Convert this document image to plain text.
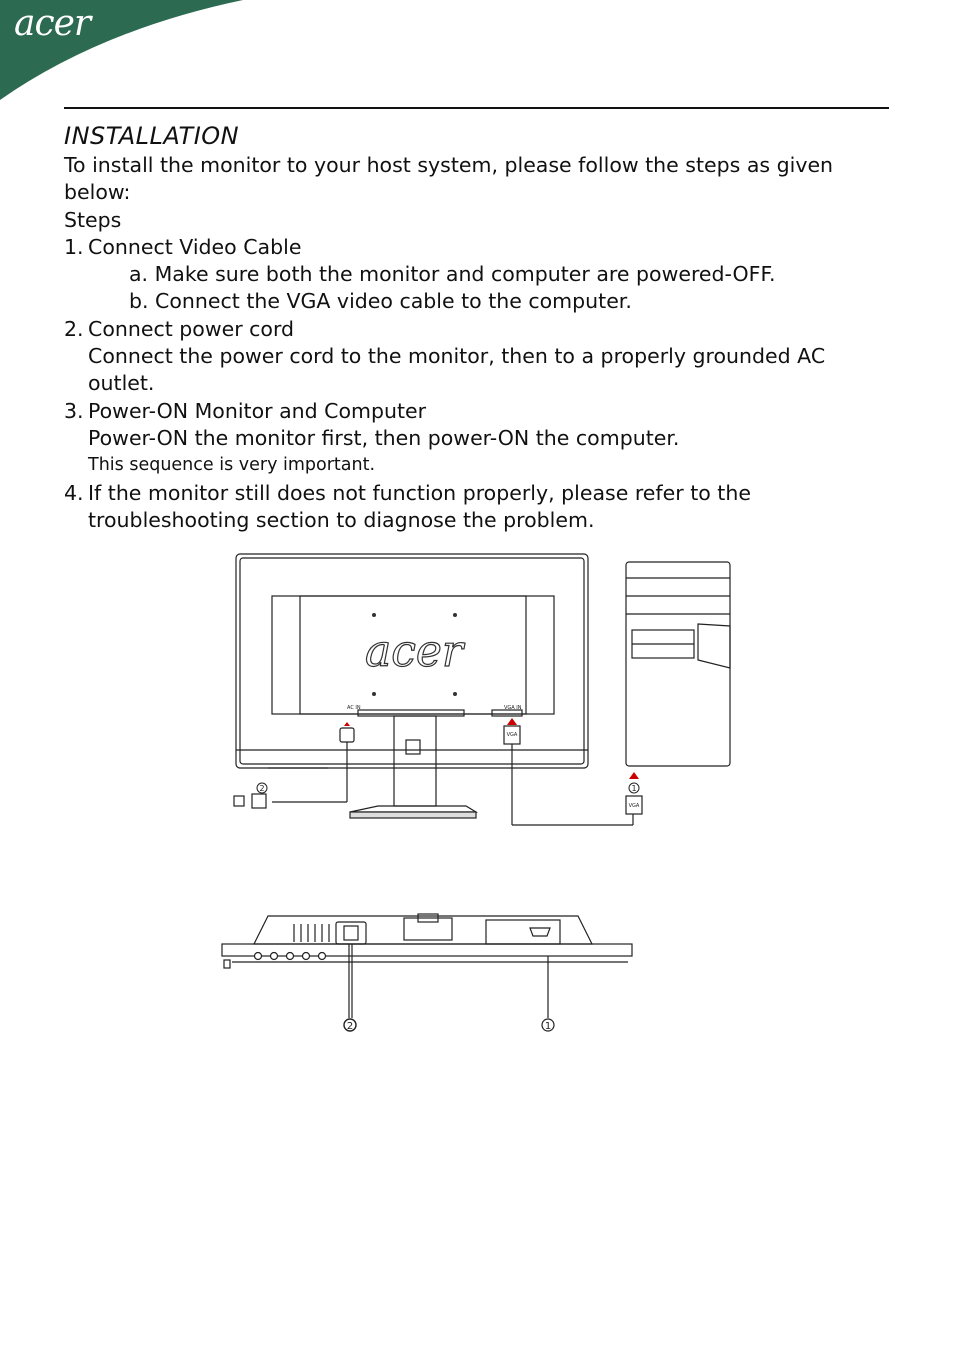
acer
INSTALLATION

To install the monitor to your host system, please follow the steps as given below:

Steps

1. Connect Video Cable

a. Make sure both the monitor and computer are powered-OFF.

b. Connect the VGA video cable to the computer.

2. Connect power cord

Connect the power cord to the monitor, then to a properly grounded AC outlet.

3. Power-ON Monitor and Computer

Power-ON the monitor first, then power-ON the computer.

This sequence is very important.

4. If the monitor still does not function properly, please refer to the troubleshooting section to diagnose the problem.

acer
AC IN	VGA IN
VGA
VGA
2	1
2	1
